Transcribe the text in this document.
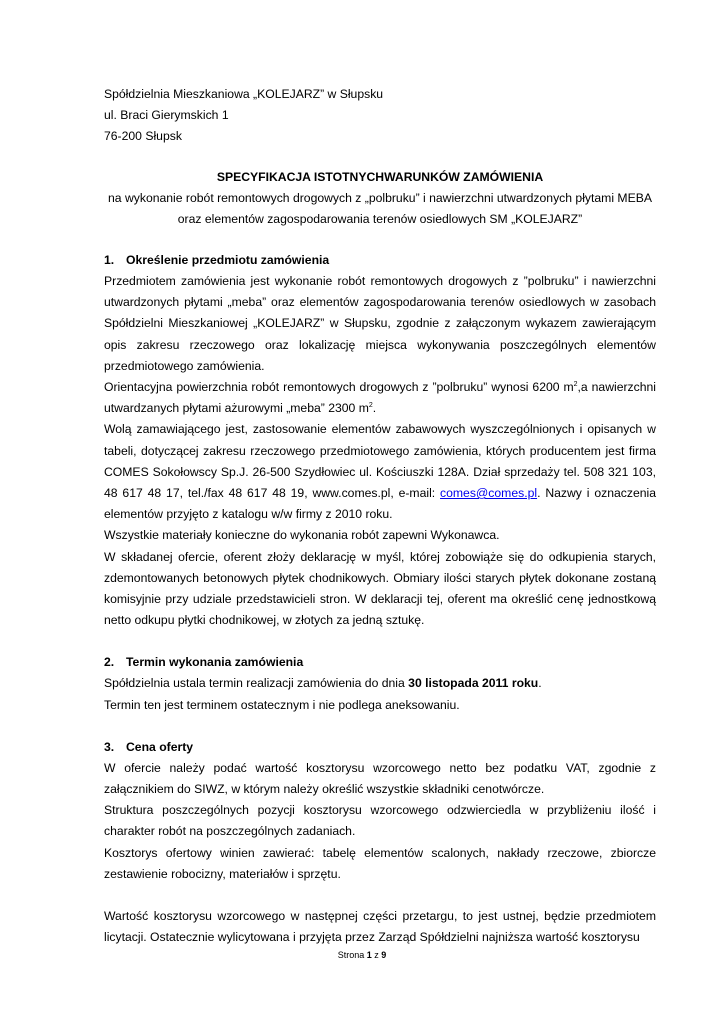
Spółdzielnia Mieszkaniowa „KOLEJARZ” w Słupsku
ul. Braci Gierymskich 1
76-200 Słupsk
SPECYFIKACJA ISTOTNYCHWARUNKÓW ZAMÓWIENIA
na wykonanie robót remontowych drogowych z „polbruku” i nawierzchni utwardzonych płytami MEBA
oraz elementów zagospodarowania terenów osiedlowych SM „KOLEJARZ”
1. Określenie przedmiotu zamówienia

Przedmiotem zamówienia jest wykonanie robót remontowych drogowych z ”polbruku” i nawierzchni utwardzonych płytami „meba” oraz elementów zagospodarowania terenów osiedlowych w zasobach Spółdzielni Mieszkaniowej „KOLEJARZ” w Słupsku, zgodnie z załączonym wykazem zawierającym opis zakresu rzeczowego oraz lokalizację miejsca wykonywania poszczególnych elementów przedmiotowego zamówienia.

Orientacyjna powierzchnia robót remontowych drogowych z ”polbruku” wynosi 6200 $m^2,a$ nawierzchni utwardzanych płytami ażurowymi „meba” 2300 $m^2$.

Wolą zamawiającego jest, zastosowanie elementów zabawowych wyszczególnionych i opisanych w tabeli, dotyczącej zakresu rzeczowego przedmiotowego zamówienia, których producentem jest firma COMES Sokołowscy Sp.J. 26-500 Szydłowiec ul. Kościuszki 128A. Dział sprzedaży tel. 508 321 103, 48 617 48 17, tel./fax 48 617 48 19, www.comes.pl, e-mail: comes@comes.pl. Nazwy i oznaczenia elementów przyjęto z katalogu w/w firmy z 2010 roku.

Wszystkie materiały konieczne do wykonania robót zapewni Wykonawca.

W składanej ofercie, oferent złoży deklarację w myśl, której zobowiąże się do odkupienia starych, zdemontowanych betonowych płytek chodnikowych. Obmiary ilości starych płytek dokonane zostaną komisyjnie przy udziale przedstawicieli stron. W deklaracji tej, oferent ma określić cenę jednostkową netto odkupu płytki chodnikowej, w złotych za jedną sztukę.

2. Termin wykonania zamówienia

Spółdzielnia ustala termin realizacji zamówienia do dnia 30 listopada 2011 roku.

Termin ten jest terminem ostatecznym i nie podlega aneksowaniu.

3. Cena oferty

W ofercie należy podać wartość kosztorysu wzorcowego netto bez podatku VAT, zgodnie z załącznikiem do SIWZ, w którym należy określić wszystkie składniki cenotwórcze.

Struktura poszczególnych pozycji kosztorysu wzorcowego odzwierciedla w przybliżeniu ilość i charakter robót na poszczególnych zadaniach.

Kosztorys ofertowy winien zawierać: tabelę elementów scalonych, nakłady rzeczowe, zbiorcze zestawienie robocizny, materiałów i sprzętu.

Wartość kosztorysu wzorcowego w następnej części przetargu, to jest ustnej, będzie przedmiotem licytacji. Ostatecznie wylicytowana i przyjęta przez Zarząd Spółdzielni najniższa wartość kosztorysu

Strona 1 z 9
